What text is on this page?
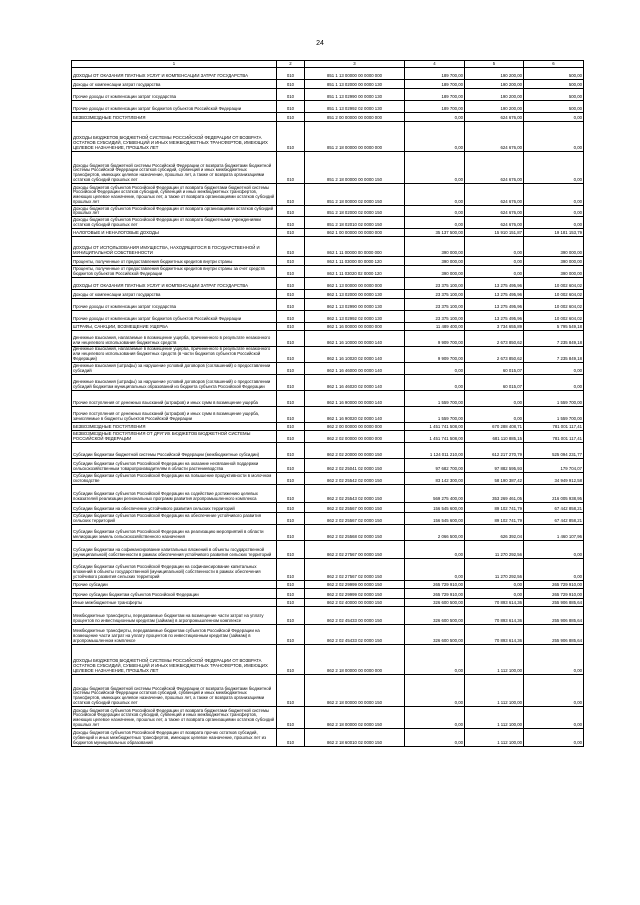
24
1	2	3	4	5	6
ДОХОДЫ ОТ ОКАЗАНИЯ ПЛАТНЫХ УСЛУГ И КОМПЕНСАЦИИ ЗАТРАТ ГОСУДАРСТВА	010	851 1 13 00000 00 0000 000	189 700,00	190 200,00	500,00
Доходы от компенсации затрат государства	010	851 1 13 02000 00 0000 130	189 700,00	190 200,00	500,00
Прочие доходы от компенсации затрат государства	010	851 1 13 02990 00 0000 130	189 700,00	190 200,00	500,00
Прочие доходы от компенсации затрат бюджетов субъектов Российской Федерации	010	851 1 13 02992 02 0000 130	189 700,00	190 200,00	500,00
БЕЗВОЗМЕЗДНЫЕ ПОСТУПЛЕНИЯ	010	851 2 00 00000 00 0000 000	0,00	624 676,00	0,00
ДОХОДЫ БЮДЖЕТОВ БЮДЖЕТНОЙ СИСТЕМЫ РОССИЙСКОЙ ФЕДЕРАЦИИ ОТ ВОЗВРАТА ОСТАТКОВ СУБСИДИЙ, СУБВЕНЦИЙ И ИНЫХ МЕЖБЮДЖЕТНЫХ ТРАНСФЕРТОВ, ИМЕЮЩИХ ЦЕЛЕВОЕ НАЗНАЧЕНИЕ, ПРОШЛЫХ ЛЕТ	010	851 2 18 00000 00 0000 000	0,00	624 676,00	0,00
Доходы бюджетов бюджетной системы Российской Федерации от возврата бюджетами бюджетной системы Российской Федерации остатков субсидий, субвенций и иных межбюджетных трансфертов, имеющих целевое назначение, прошлых лет, а также от возврата организациями остатков субсидий прошлых лет	010	851 2 18 00000 00 0000 150	0,00	624 676,00	0,00
Доходы бюджетов субъектов Российской Федерации от возврата бюджетами бюджетной системы Российской Федерации остатков субсидий, субвенций и иных межбюджетных трансфертов, имеющих целевое назначение, прошлых лет, а также от возврата организациями остатков субсидий прошлых лет	010	851 2 18 00000 02 0000 150	0,00	624 676,00	0,00
Доходы бюджетов субъектов Российской Федерации от возврата организациями остатков субсидий прошлых лет	010	851 2 18 02000 02 0000 150	0,00	624 676,00	0,00
Доходы бюджетов субъектов Российской Федерации от возврата бюджетными учреждениями остатков субсидий прошлых лет	010	851 2 18 02010 02 0000 150	0,00	624 676,00	0,00
НАЛОГОВЫЕ И НЕНАЛОГОВЫЕ ДОХОДЫ	010	862 1 00 00000 00 0000 000	35 137 500,00	15 910 151,87	19 181 153,79
ДОХОДЫ ОТ ИСПОЛЬЗОВАНИЯ ИМУЩЕСТВА, НАХОДЯЩЕГОСЯ В ГОСУДАРСТВЕННОЙ И МУНИЦИПАЛЬНОЙ СОБСТВЕННОСТИ	010	862 1 11 00000 00 0000 000	390 000,00	0,00	390 000,00
Проценты, полученные от предоставления бюджетных кредитов внутри страны	010	862 1 11 03000 00 0000 120	390 000,00	0,00	390 000,00
Проценты, полученные от предоставления бюджетных кредитов внутри страны за счет средств бюджетов субъектов Российской Федерации	010	862 1 11 03020 02 0000 120	390 000,00	0,00	390 000,00
ДОХОДЫ ОТ ОКАЗАНИЯ ПЛАТНЫХ УСЛУГ И КОМПЕНСАЦИИ ЗАТРАТ ГОСУДАРСТВА	010	862 1 13 00000 00 0000 000	23 375 100,00	13 275 495,96	10 002 604,02
Доходы от компенсации затрат государства	010	862 1 13 02000 00 0000 130	23 375 100,00	13 275 495,96	10 002 604,02
Прочие доходы от компенсации затрат государства	010	862 1 13 02990 00 0000 130	23 375 100,00	13 275 495,96	10 002 604,02
Прочие доходы от компенсации затрат бюджетов субъектов Российской Федерации	010	862 1 13 02992 02 0000 130	23 375 100,00	13 275 495,96	10 002 604,02
ШТРАФЫ, САНКЦИИ, ВОЗМЕЩЕНИЕ УЩЕРБА	010	862 1 16 00000 00 0000 000	11 489 400,00	3 734 655,89	5 795 549,18
Денежные взыскания, налагаемые в возмещение ущерба, причиненного в результате незаконного или нецелевого использования бюджетных средств	010	862 1 16 10000 00 0000 140	9 909 700,00	2 673 850,62	7 235 849,18
Денежные взыскания, налагаемые в возмещение ущерба, причиненного в результате незаконного или нецелевого использования бюджетных средств (в части бюджетов субъектов Российской Федерации)	010	862 1 16 10020 02 0000 140	9 909 700,00	2 673 850,62	7 235 849,18
Денежные взыскания (штрафы) за нарушение условий договоров (соглашений) о предоставлении субсидий	010	862 1 16 46000 00 0000 140	0,00	60 015,07	0,00
Денежные взыскания (штрафы) за нарушение условий договоров (соглашений) о предоставлении субсидий бюджетам муниципальных образований из бюджета субъекта Российской Федерации	010	862 1 16 46020 02 0000 140	0,00	60 015,07	0,00
Прочие поступления от денежных взысканий (штрафов) и иных сумм в возмещение ущерба	010	862 1 16 90000 00 0000 140	1 559 700,00	0,00	1 559 700,00
Прочие поступления от денежных взысканий (штрафов) и иных сумм в возмещение ущерба, зачисляемые в бюджеты субъектов Российской Федерации	010	862 1 16 90020 02 0000 140	1 559 700,00	0,00	1 559 700,00
БЕЗВОЗМЕЗДНЫЕ ПОСТУПЛЕНИЯ	010	862 2 00 00000 00 0000 000	1 451 741 508,00	670 288 408,71	781 001 117,41
БЕЗВОЗМЕЗДНЫЕ ПОСТУПЛЕНИЯ ОТ ДРУГИХ БЮДЖЕТОВ БЮДЖЕТНОЙ СИСТЕМЫ РОССИЙСКОЙ ФЕДЕРАЦИИ	010	862 2 02 00000 00 0000 000	1 451 741 508,00	681 110 885,15	781 001 117,41
Субсидии бюджетам бюджетной системы Российской Федерации (межбюджетные субсидии)	010	862 2 02 20000 00 0000 150	1 124 011 210,00	612 217 270,79	525 094 231,77
Субсидии бюджетам субъектов Российской Федерации на оказание несвязанной поддержки сельскохозяйственным товаропроизводителям в области растениеводства	010	862 2 02 25041 02 0000 150	97 682 700,00	97 882 595,93	179 704,07
Субсидии бюджетам субъектов Российской Федерации на повышение продуктивности в молочном скотоводстве	010	862 2 02 25542 02 0000 150	83 142 300,00	58 190 387,42	34 949 912,58
Субсидии бюджетам субъектов Российской Федерации на содействие достижению целевых показателей реализации региональных программ развития агропромышленного комплекса	010	862 2 02 25543 02 0000 150	569 275 400,00	353 269 461,05	216 005 938,95
Субсидии бюджетам на обеспечение устойчивого развития сельских территорий	010	862 2 02 25567 00 0000 150	156 545 600,00	89 102 741,79	67 442 858,21
Субсидии бюджетам субъектов Российской Федерации на обеспечение устойчивого развития сельских территорий	010	862 2 02 25567 02 0000 150	156 545 600,00	89 102 741,79	67 442 858,21
Субсидии бюджетам субъектов Российской Федерации на реализацию мероприятий в области мелиорации земель сельскохозяйственного назначения	010	862 2 02 25568 02 0000 150	2 066 500,00	626 392,04	1 460 107,96
Субсидии бюджетам на софинансирование капитальных вложений в объекты государственной (муниципальной) собственности в рамках обеспечения устойчивого развития сельских территорий	010	862 2 02 27567 00 0000 150	0,00	11 270 292,56	0,00
Субсидии бюджетам субъектов Российской Федерации на софинансирование капитальных вложений в объекты государственной (муниципальной) собственности в рамках обеспечения устойчивого развития сельских территорий	010	862 2 02 27567 02 0000 150	0,00	11 270 292,56	0,00
Прочие субсидии	010	862 2 02 29999 00 0000 150	265 729 910,00	0,00	265 729 910,00
Прочие субсидии бюджетам субъектов Российской Федерации	010	862 2 02 29999 02 0000 150	265 729 910,00	0,00	265 729 910,00
Иные межбюджетные трансферты	010	862 2 02 40000 00 0000 150	326 600 500,00	70 893 614,36	255 906 885,64
Межбюджетные трансферты, передаваемые бюджетам на возмещение части затрат на уплату процентов по инвестиционным кредитам (займам) в агропромышленном комплексе	010	862 2 02 45433 00 0000 150	326 600 500,00	70 893 614,36	255 906 885,64
Межбюджетные трансферты, передаваемые бюджетам субъектов Российской Федерации на возмещение части затрат на уплату процентов по инвестиционным кредитам (займам) в агропромышленном комплексе	010	862 2 02 45433 02 0000 150	326 600 500,00	70 893 614,36	255 906 885,64
ДОХОДЫ БЮДЖЕТОВ БЮДЖЕТНОЙ СИСТЕМЫ РОССИЙСКОЙ ФЕДЕРАЦИИ ОТ ВОЗВРАТА ОСТАТКОВ СУБСИДИЙ, СУБВЕНЦИЙ И ИНЫХ МЕЖБЮДЖЕТНЫХ ТРАНСФЕРТОВ, ИМЕЮЩИХ ЦЕЛЕВОЕ НАЗНАЧЕНИЕ, ПРОШЛЫХ ЛЕТ	010	862 2 18 00000 00 0000 000	0,00	1 112 100,00	0,00
Доходы бюджетов бюджетной системы Российской Федерации от возврата бюджетами бюджетной системы Российской Федерации остатков субсидий, субвенций и иных межбюджетных трансфертов, имеющих целевое назначение, прошлых лет, а также от возврата организациями остатков субсидий прошлых лет	010	862 2 18 00000 00 0000 150	0,00	1 112 100,00	0,00
Доходы бюджетов субъектов Российской Федерации от возврата бюджетами бюджетной системы Российской Федерации остатков субсидий, субвенций и иных межбюджетных трансфертов, имеющих целевое назначение, прошлых лет, а также от возврата организациями остатков субсидий прошлых лет	010	862 2 18 00000 02 0000 150	0,00	1 112 100,00	0,00
Доходы бюджетов субъектов Российской Федерации от возврата прочих остатков субсидий, субвенций и иных межбюджетных трансфертов, имеющих целевое назначение, прошлых лет из бюджетов муниципальных образований	010	862 2 18 60010 02 0000 150	0,00	1 112 100,00	0,00
